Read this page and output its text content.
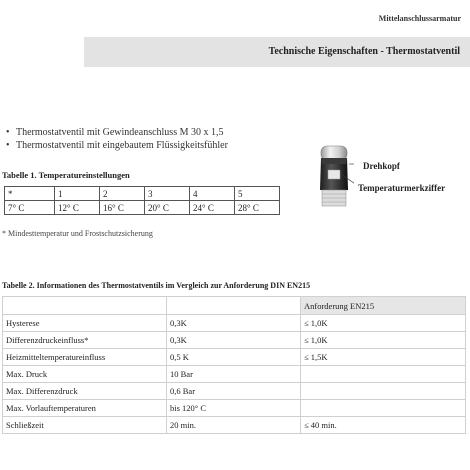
Mittelanschlussarmatur
Technische Eigenschaften - Thermostatventil
• Thermostatventil mit Gewindeanschluss M 30 x 1,5
• Thermostatventil mit eingebautem Flüssigkeitsfühler
Tabelle 1. Temperatureinstellungen
*	1	2	3	4	5
7° C	12° C	16° C	20° C	24° C	28° C
* Mindesttemperatur und Frostschutzsicherung
Drehkopf
Temperaturmerkziffer
Tabelle 2. Informationen des Thermostatventils im Vergleich zur Anforderung DIN EN215
		Anforderung EN215
Hysterese	0,3K	≤ 1,0K
Differenzdruckeinfluss*	0,3K	≤ 1,0K
Heizmitteltemperatureinfluss	0,5 K	≤ 1,5K
Max. Druck	10 Bar	
Max. Differenzdruck	0,6 Bar	
Max. Vorlauftemperaturen	bis 120° C	
Schließzeit	20 min.	≤ 40 min.
